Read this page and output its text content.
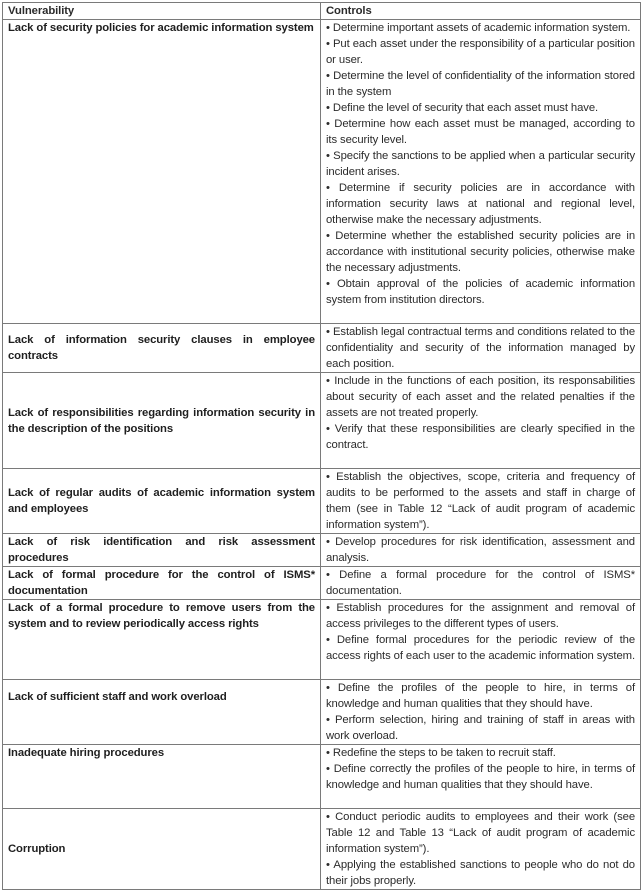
Vulnerability	Controls
Lack of security policies for academic information system	• Determine important assets of academic information system.
• Put each asset under the responsibility of a particular position or user.
• Determine the level of confidentiality of the information stored in the system
• Define the level of security that each asset must have.
• Determine how each asset must be managed, according to its security level.
• Specify the sanctions to be applied when a particular security incident arises.
• Determine if security policies are in accordance with information security laws at national and regional level, otherwise make the necessary adjustments.
• Determine whether the established security policies are in accordance with institutional security policies, otherwise make the necessary adjustments.
• Obtain approval of the policies of academic information system from institution directors.

Lack of information security clauses in employee contracts	• Establish legal contractual terms and conditions related to the confidentiality and security of the information managed by each position.

Lack of responsibilities regarding information security in the description of the positions	• Include in the functions of each position, its responsabilities about security of each asset and the related penalties if the assets are not treated properly.
• Verify that these responsibilities are clearly specified in the contract.

Lack of regular audits of academic information system and employees	• Establish the objectives, scope, criteria and frequency of audits to be performed to the assets and staff in charge of them (see in Table 12 “Lack of audit program of academic information system”).

Lack of risk identification and risk assessment procedures	• Develop procedures for risk identification, assessment and analysis.

Lack of formal procedure for the control of ISMS* documentation	• Define a formal procedure for the control of ISMS* documentation.

Lack of a formal procedure to remove users from the system and to review periodically access rights	• Establish procedures for the assignment and removal of access privileges to the different types of users.
• Define formal procedures for the periodic review of the access rights of each user to the academic information system.

Lack of sufficient staff and work overload	• Define the profiles of the people to hire, in terms of knowledge and human qualities that they should have.
• Perform selection, hiring and training of staff in areas with work overload.

Inadequate hiring procedures	• Redefine the steps to be taken to recruit staff.
• Define correctly the profiles of the people to hire, in terms of knowledge and human qualities that they should have.

Corruption	• Conduct periodic audits to employees and their work (see Table 12 and Table 13 “Lack of audit program of academic information system”).
• Applying the established sanctions to people who do not do their jobs properly.
